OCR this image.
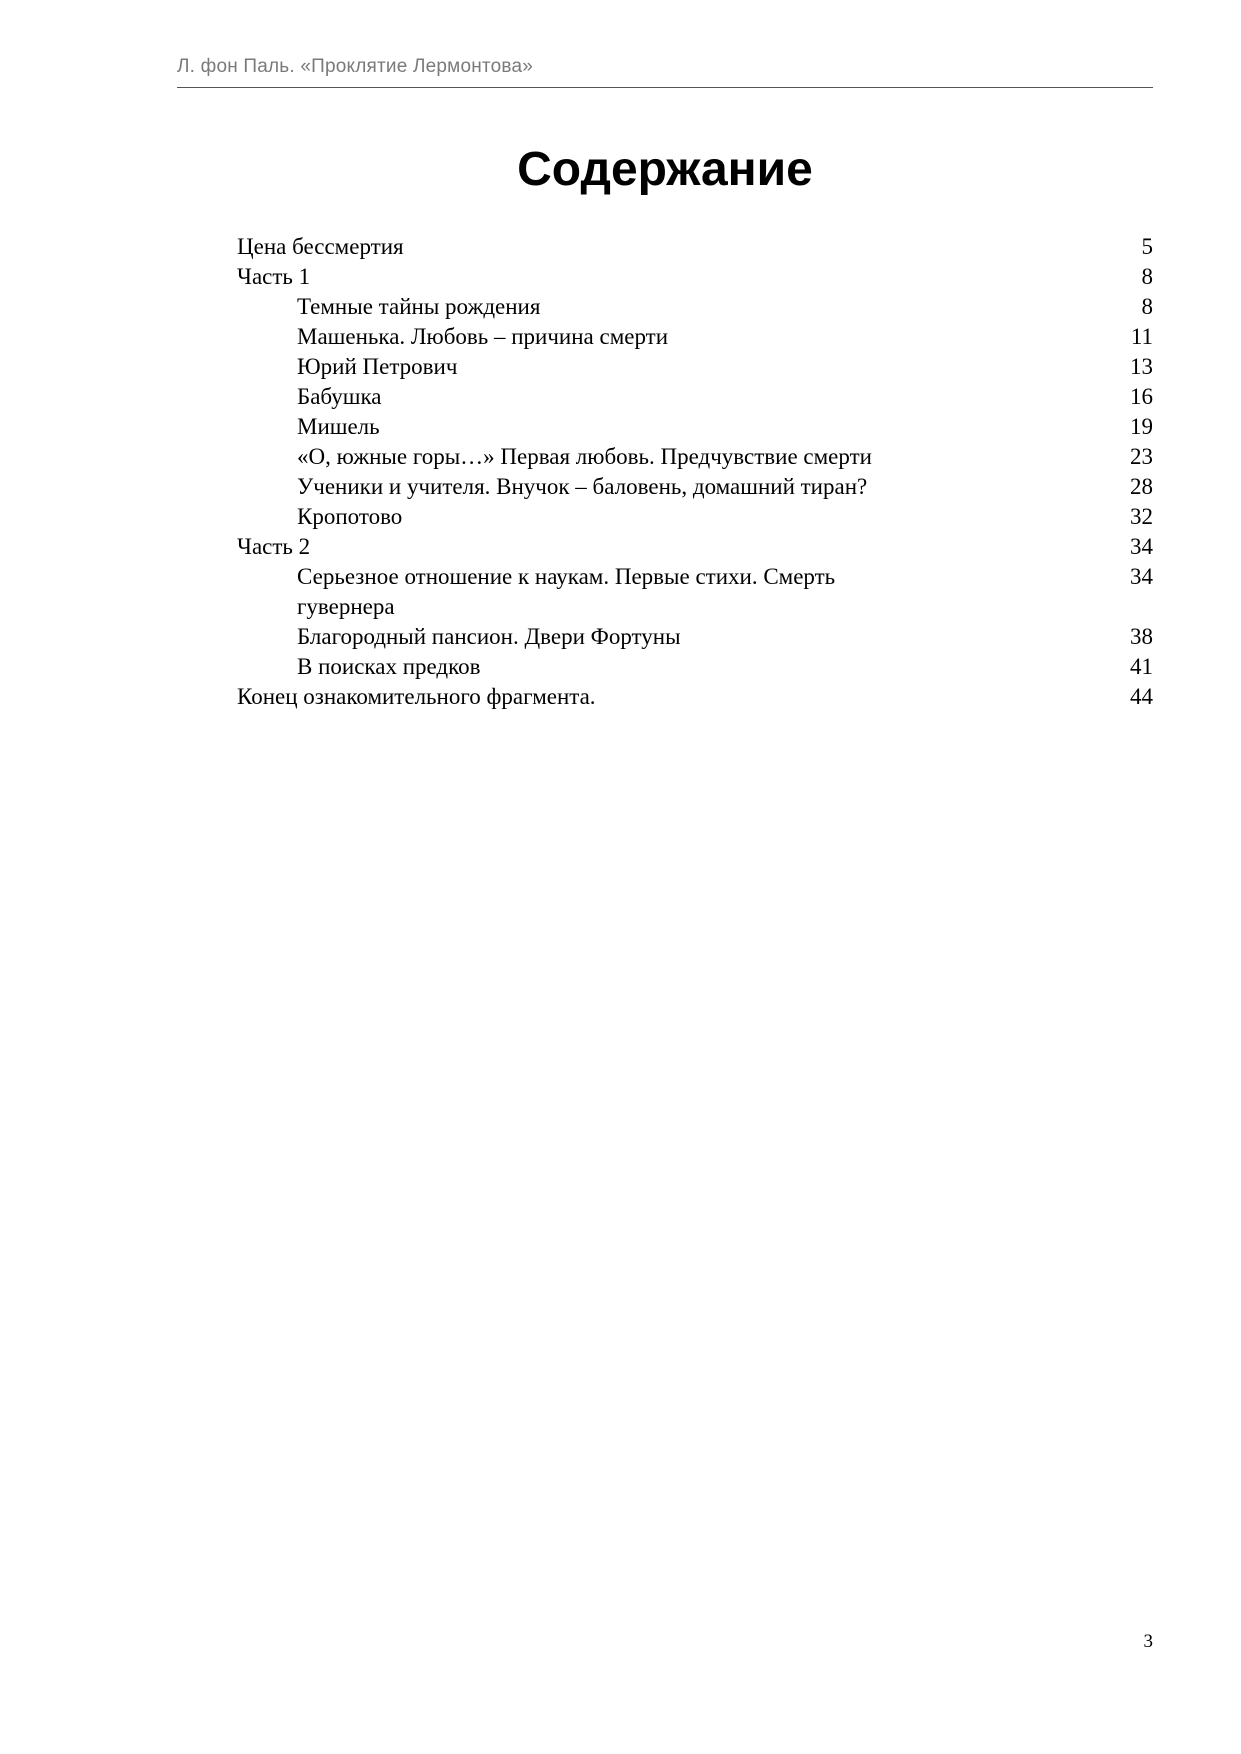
Л. фон Паль. «Проклятие Лермонтова»
Содержание
Цена бессмертия	5
Часть 1	8
Темные тайны рождения	8
Машенька. Любовь – причина смерти	11
Юрий Петрович	13
Бабушка	16
Мишель	19
«О, южные горы…» Первая любовь. Предчувствие смерти	23
Ученики и учителя. Внучок – баловень, домашний тиран?	28
Кропотово	32
Часть 2	34
Серьезное отношение к наукам. Первые стихи. Смерть гувернера
34
Благородный пансион. Двери Фортуны	38
В поисках предков	41
Конец ознакомительного фрагмента.	44
3
